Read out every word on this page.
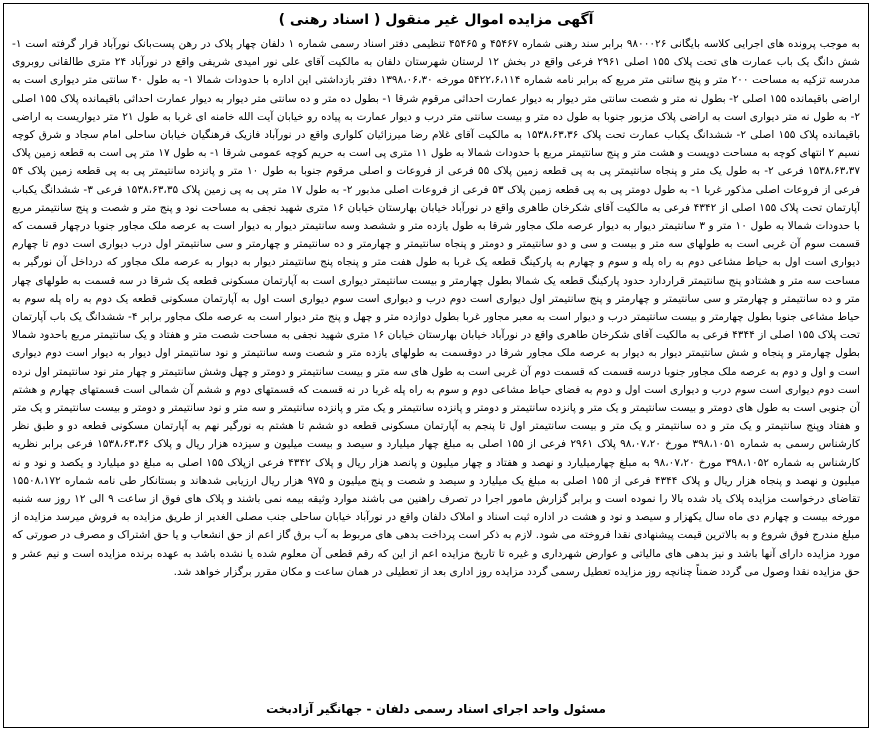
آگهی مزایده اموال غیر منقول ( اسناد رهنی )
به موجب پرونده های اجرایی کلاسه بایگانی ۹۸۰۰۰۲۶ برابر سند رهنی شماره ۴۵۴۶۷ و ۴۵۴۶۵ تنظیمی دفتر اسناد رسمی شماره ۱ دلفان چهار پلاک در رهن پست‌بانک نورآباد قرار گرفته است ۱- شش دانگ یک باب عمارت های تحت پلاک ۱۵۵ اصلی ۲۹۶۱ فرعی واقع در بخش ۱۲ لرستان شهرستان دلفان به مالکیت آقای علی نور امیدی شریفی واقع در نورآباد ۲۴ متری طالقانی روبروی مدرسه تزکیه به مساحت ۲۰۰ متر و پنج سانتی متر مربع که برابر نامه شماره ۵۴۲۲،۶،۱۱۴ مورخه ۱۳۹۸،۰۶،۳۰ دفتر بازداشتی این اداره با حدودات شمالا ۱- به طول ۴۰ سانتی متر دیواری است به اراضی باقیمانده ۱۵۵ اصلی ۲- بطول نه متر و شصت سانتی متر دیوار به دیوار عمارت احداثی مرقوم شرقا ۱- بطول ده متر و ده سانتی متر دیوار به دیوار عمارت احداثی باقیمانده پلاک ۱۵۵ اصلی ۲- به طول نه متر دیواری است به اراضی پلاک مزبور جنوبا به طول ده متر و بیست سانتی متر درب و دیوار عمارت به پیاده رو خیابان آیت الله خامنه ای غربا به طول ۲۱ متر دیواریست به اراضی باقیمانده پلاک ۱۵۵ اصلی ۲- ششدانگ یکباب عمارت تحت پلاک ۱۵۳۸،۶۳،۳۶ به مالکیت آقای غلام رضا میرزائیان کلواری واقع در نورآباد فازیک فرهنگیان خیابان ساحلی امام سجاد و شرق کوچه نسیم ۲ انتهای کوچه به مساحت دویست و هشت متر و پنج سانتیمتر مربع با حدودات شمالا به طول ۱۱ متری پی است به حریم کوچه عمومی شرقا ۱- به طول ۱۷ متر پی است به قطعه زمین پلاک ۱۵۳۸،۶۳،۳۷ فرعی ۲- به طول یک متر و پنجاه سانتیمتر پی به پی قطعه زمین پلاک ۵۵ فرعی از فروعات و اصلی مرقوم جنوبا به طول ۱۰ متر و پانزده سانتیمتر پی به پی قطعه زمین پلاک ۵۴ فرعی از فروعات اصلی مذکور غربا ۱- به طول دومتر پی به پی قطعه زمین پلاک ۵۳ فرعی از فروعات اصلی مذبور ۲- به طول ۱۷ متر پی به پی زمین پلاک ۱۵۳۸،۶۳،۳۵ فرعی ۳- ششدانگ یکباب آپارتمان تحت پلاک ۱۵۵ اصلی از ۴۳۴۲ فرعی به مالکیت آقای شکرخان طاهری واقع در نورآباد خیابان بهارستان خیابان ۱۶ متری شهید نجفی به مساحت نود و پنج متر و شصت و پنج سانتیمتر مربع با حدودات شمالا به طول ۱۰ متر و ۳ سانتیمتر دیوار به دیوار عرصه ملک مجاور شرقا به طول یازده متر و ششصد وسه سانتیمتر دیوار به دیوار است به عرصه ملک مجاور جنوبا درچهار قسمت که قسمت سوم آن غربی است به طولهای سه متر و بیست و سی و دو سانتیمتر و دومتر و پنجاه سانتیمتر و چهارمتر و ده سانتیمتر و چهارمتر و سی سانتیمتر اول درب دیواری است دوم تا چهارم دیواری است اول به حیاط مشاعی دوم به راه پله و سوم و چهارم به پارکینگ قطعه یک غربا به طول هفت متر و پنجاه پنج سانتیمتر دیوار به دیوار به عرصه ملک مجاور که درداخل آن نورگیر به مساحت سه متر و هشتادو پنج سانتیمتر قراردارد حدود پارکینگ قطعه یک شمالا بطول چهارمتر و بیست سانتیمتر دیواری است به آپارتمان مسکونی قطعه یک شرقا در سه قسمت به طولهای چهار متر و ده سانتیمتر و چهارمتر و سی سانتیمتر و چهارمتر و پنج سانتیمتر اول دیواری است دوم درب و دیواری است سوم دیواری است اول به آپارتمان مسکونی قطعه یک دوم به راه پله سوم به حیاط مشاعی جنوبا بطول چهارمتر و بیست سانتیمتر درب و دیوار است به معبر مجاور غربا بطول دوازده متر و چهل و پنج متر دیوار است به عرصه ملک مجاور برابر ۴- ششدانگ یک باب آپارتمان تحت پلاک ۱۵۵ اصلی از ۴۳۴۴ فرعی به مالکیت آقای شکرخان طاهری واقع در نورآباد خیابان بهارستان خیابان ۱۶ متری شهید نجفی به مساحت شصت متر و هفتاد و یک سانتیمتر مربع باحدود شمالا بطول چهارمتر و پنجاه و شش سانتیمتر دیوار به دیوار به عرصه ملک مجاور شرقا در دوقسمت به طولهای یازده متر و شصت وسه سانتیمتر و نود سانتیمتر اول دیوار به دیوار است دوم دیواری است و اول و دوم به عرصه ملک مجاور جنوبا درسه قسمت که قسمت دوم آن غربی است به طول های سه متر و بیست سانتیمتر و دومتر و چهل وشش سانتیمتر و چهار متر نود سانتیمتر اول نرده است دوم دیواری است سوم درب و دیواری است اول و دوم به فضای حیاط مشاعی دوم و سوم به راه پله غربا در نه قسمت که قسمتهای دوم و ششم آن شمالی است قسمتهای چهارم و هشتم آن جنوبی است به طول های دومتر و بیست سانتیمتر و یک متر و پانزده سانتیمتر و دومتر و پانزده سانتیمتر و یک متر و پانزده سانتیمتر و سه متر و نود سانتیمتر و دومتر و بیست سانتیمتر و یک متر و هفتاد وپنج سانتیمتر و یک متر و ده سانتیمتر و یک متر و بیست سانتیمتر اول تا پنجم به آپارتمان مسکونی قطعه دو ششم تا هشتم به نورگیر نهم به آپارتمان مسکونی قطعه دو و طبق نظر کارشناس رسمی به شماره ۳۹۸،۱۰۵۱ مورخ ۹۸،۰۷،۲۰ پلاک ۲۹۶۱ فرعی از ۱۵۵ اصلی به مبلغ چهار میلیارد و سیصد و بیست میلیون و سیزده هزار ریال و پلاک ۱۵۳۸،۶۳،۳۶ فرعی برابر نظریه کارشناس به شماره ۳۹۸،۱۰۵۲ مورخ ۹۸،۰۷،۲۰ به مبلغ چهارمیلیارد و نهصد و هفتاد و چهار میلیون و پانصد هزار ریال و پلاک ۴۳۴۲ فرعی ازپلاک ۱۵۵ اصلی به مبلغ دو میلیارد و یکصد و نود و نه میلیون و نهصد و پنجاه هزار ریال و پلاک ۴۳۴۴ فرعی از ۱۵۵ اصلی به مبلغ یک میلیارد و سیصد و شصت و پنج میلیون و ۹۷۵ هزار ریال ارزیابی شدهاند و بستانکار طی نامه شماره ۱۵۵۰۸،۱۷۲ تقاضای درخواست مزایده پلاک یاد شده بالا را نموده است و برابر گزارش مامور اجرا در تصرف راهنین می باشند موارد وثیقه بیمه نمی باشند و پلاک های فوق از ساعت ۹ الی ۱۲ روز سه شنبه مورخه بیست و چهارم دی ماه سال یکهزار و سیصد و نود و هشت در اداره ثبت اسناد و املاک دلفان واقع در نورآباد خیابان ساحلی جنب مصلی الغدیر از طریق مزایده به فروش میرسد مزایده از مبلغ مندرج فوق شروع و به بالاترین قیمت پیشنهادی نقدا فروخته می شود. لازم به ذکر است پرداخت بدهی های مربوط به آب برق گاز اعم از حق انشعاب و یا حق اشتراک و مصرف در صورتی که مورد مزایده دارای آنها باشد و نیز بدهی های مالیاتی و عوارض شهرداری و غیره تا تاریخ مزایده اعم از این که رقم قطعی آن معلوم شده یا نشده باشد به عهده برنده مزایده است و نیم عشر و حق مزایده نقدا وصول می گردد ضمناً چنانچه روز مزایده تعطیل رسمی گردد مزایده روز اداری بعد از تعطیلی در همان ساعت و مکان مقرر برگزار خواهد شد.
مسئول واحد اجرای اسناد رسمی دلفان - جهانگیر آزادبخت
